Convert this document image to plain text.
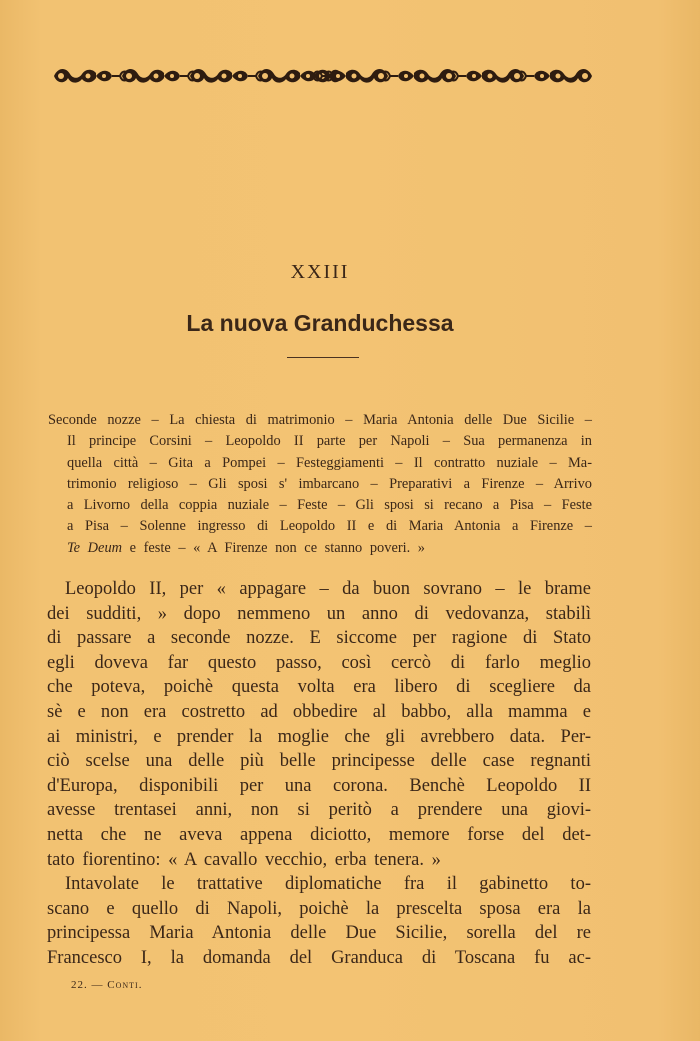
XXIII
La nuova Granduchessa
Seconde nozze – La chiesta di matrimonio – Maria Antonia delle Due Sicilie –
Il principe Corsini – Leopoldo II parte per Napoli – Sua permanenza in
quella città – Gita a Pompei – Festeggiamenti – Il contratto nuziale – Ma-
trimonio religioso – Gli sposi s' imbarcano – Preparativi a Firenze – Arrivo
a Livorno della coppia nuziale – Feste – Gli sposi si recano a Pisa – Feste
a Pisa – Solenne ingresso di Leopoldo II e di Maria Antonia a Firenze –
Te Deum e feste – « A Firenze non ce stanno poveri. »
Leopoldo II, per « appagare – da buon sovrano – le brame
dei sudditi, » dopo nemmeno un anno di vedovanza, stabilì
di passare a seconde nozze. E siccome per ragione di Stato
egli doveva far questo passo, così cercò di farlo meglio
che poteva, poichè questa volta era libero di scegliere da
sè e non era costretto ad obbedire al babbo, alla mamma e
ai ministri, e prender la moglie che gli avrebbero data. Per-
ciò scelse una delle più belle principesse delle case regnanti
d'Europa, disponibili per una corona. Benchè Leopoldo II
avesse trentasei anni, non si peritò a prendere una giovi-
netta che ne aveva appena diciotto, memore forse del det-
tato fiorentino: « A cavallo vecchio, erba tenera. »
Intavolate le trattative diplomatiche fra il gabinetto to-
scano e quello di Napoli, poichè la prescelta sposa era la
principessa Maria Antonia delle Due Sicilie, sorella del re
Francesco I, la domanda del Granduca di Toscana fu ac-
22. — Conti.
